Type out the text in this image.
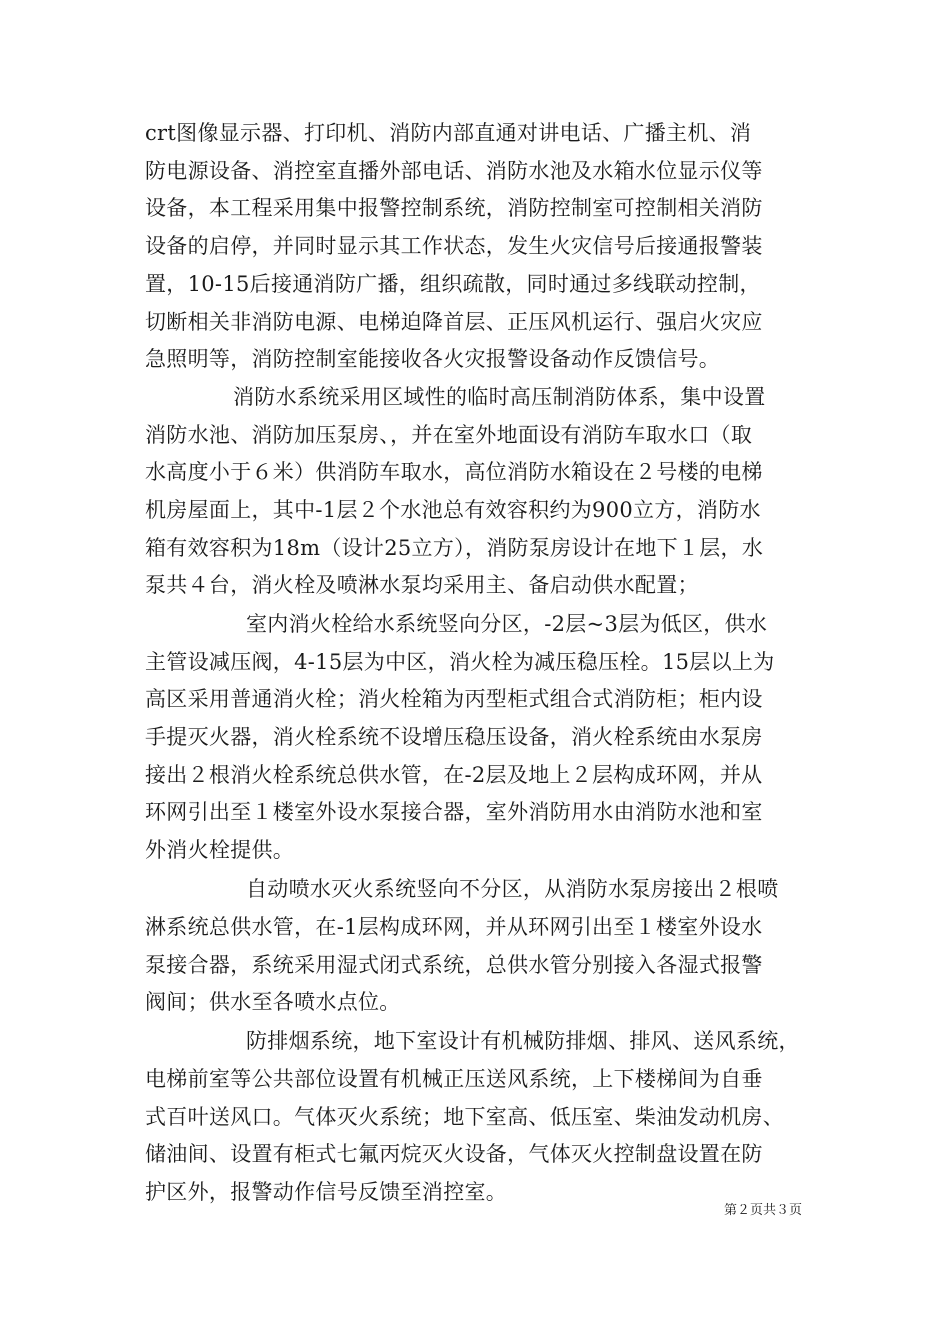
crt图像显示器、打印机、消防内部直通对讲电话、广播主机、消
防电源设备、消控室直播外部电话、消防水池及水箱水位显示仪等
设备，本工程采用集中报警控制系统，消防控制室可控制相关消防
设备的启停，并同时显示其工作状态，发生火灾信号后接通报警装
置，10-15后接通消防广播，组织疏散，同时通过多线联动控制，
切断相关非消防电源、电梯迫降首层、正压风机运行、强启火灾应
急照明等，消防控制室能接收各火灾报警设备动作反馈信号。
消防水系统采用区域性的临时高压制消防体系，集中设置
消防水池、消防加压泵房、，并在室外地面设有消防车取水口（取
水高度小于６米）供消防车取水，高位消防水箱设在２号楼的电梯
机房屋面上，其中-1层２个水池总有效容积约为900立方，消防水
箱有效容积为18m（设计25立方），消防泵房设计在地下１层，水
泵共４台，消火栓及喷淋水泵均采用主、备启动供水配置；
室内消火栓给水系统竖向分区，-2层~3层为低区，供水
主管设减压阀，4-15层为中区，消火栓为减压稳压栓。15层以上为
高区采用普通消火栓；消火栓箱为丙型柜式组合式消防柜；柜内设
手提灭火器，消火栓系统不设增压稳压设备，消火栓系统由水泵房
接出２根消火栓系统总供水管，在-2层及地上２层构成环网，并从
环网引出至１楼室外设水泵接合器，室外消防用水由消防水池和室
外消火栓提供。
自动喷水灭火系统竖向不分区，从消防水泵房接出２根喷
淋系统总供水管，在-1层构成环网，并从环网引出至１楼室外设水
泵接合器，系统采用湿式闭式系统，总供水管分别接入各湿式报警
阀间；供水至各喷水点位。
防排烟系统，地下室设计有机械防排烟、排风、送风系统，
电梯前室等公共部位设置有机械正压送风系统，上下楼梯间为自垂
式百叶送风口。气体灭火系统；地下室高、低压室、柴油发动机房、
储油间、设置有柜式七氟丙烷灭火设备，气体灭火控制盘设置在防
护区外，报警动作信号反馈至消控室。
第２页共３页
